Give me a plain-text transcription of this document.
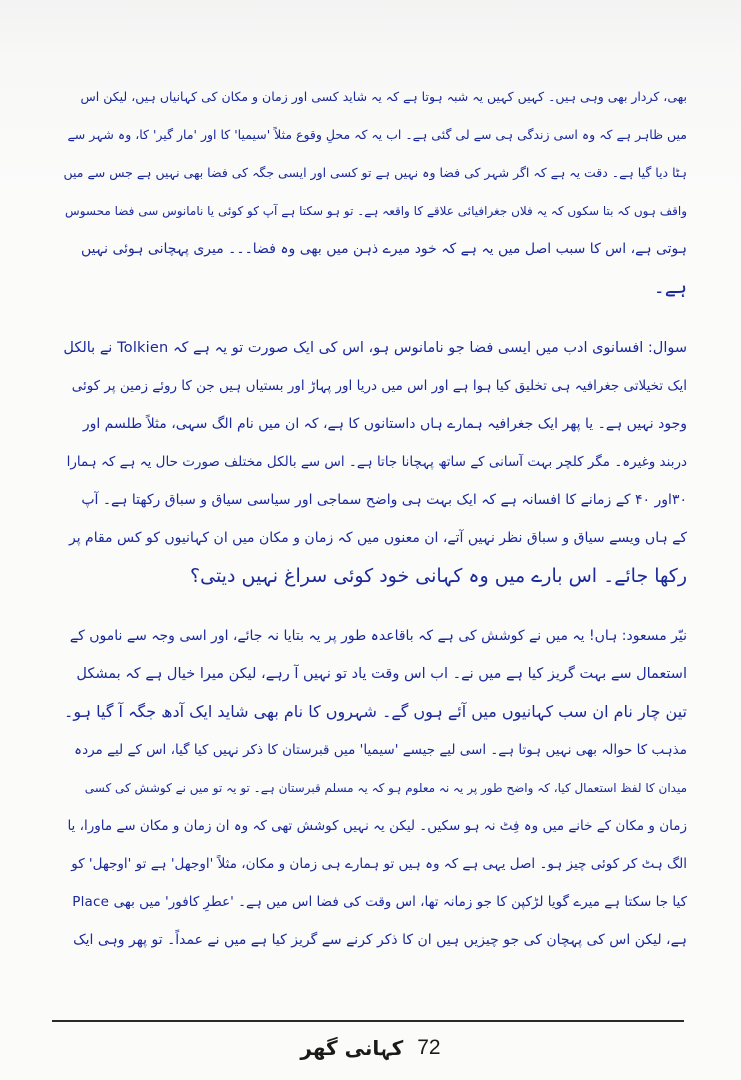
بھی، کردار بھی وہی ہیں۔ کہیں کہیں یہ شبہ ہوتا ہے کہ یہ شاید کسی اور زمان و مکان کی کہانیاں ہیں، لیکن اس
میں ظاہر ہے کہ وہ اسی زندگی ہی سے لی گئی ہے۔ اب یہ کہ محلِ وقوع مثلاً 'سیمیا' کا اور 'مار گیر' کا، وہ شہر سے
ہٹا دیا گیا ہے۔ دقت یہ ہے کہ اگر شہر کی فضا وہ نہیں ہے تو کسی اور ایسی جگہ کی فضا بھی نہیں ہے جس سے میں
واقف ہوں کہ بتا سکوں کہ یہ فلاں جغرافیائی علاقے کا واقعہ ہے۔ تو ہو سکتا ہے آپ کو کوئی یا نامانوس سی فضا محسوس
ہوتی ہے، اس کا سبب اصل میں یہ ہے کہ خود میرے ذہن میں بھی وہ فضا۔۔۔ میری پہچانی ہوئی نہیں
ہے۔
سوال: افسانوی ادب میں ایسی فضا جو نامانوس ہو، اس کی ایک صورت تو یہ ہے کہ Tolkien نے بالکل
ایک تخیلاتی جغرافیہ ہی تخلیق کیا ہوا ہے اور اس میں دریا اور پہاڑ اور بستیاں ہیں جن کا روئے زمین پر کوئی
وجود نہیں ہے۔ یا پھر ایک جغرافیہ ہمارے ہاں داستانوں کا ہے، کہ ان میں نام الگ سہی، مثلاً طلسم اور
دربند وغیرہ۔ مگر کلچر بہت آسانی کے ساتھ پہچانا جاتا ہے۔ اس سے بالکل مختلف صورت حال یہ ہے کہ ہمارا
۳۰اور ۴۰ کے زمانے کا افسانہ ہے کہ ایک بہت ہی واضح سماجی اور سیاسی سیاق و سباق رکھتا ہے۔ آپ
کے ہاں ویسے سیاق و سباق نظر نہیں آتے، ان معنوں میں کہ زمان و مکان میں ان کہانیوں کو کس مقام پر
رکھا جائے۔ اس بارے میں وہ کہانی خود کوئی سراغ نہیں دیتی؟
نیّر مسعود: ہاں! یہ میں نے کوشش کی ہے کہ باقاعدہ طور پر یہ بتایا نہ جائے، اور اسی وجہ سے ناموں کے
استعمال سے بہت گریز کیا ہے میں نے۔ اب اس وقت یاد تو نہیں آ رہے، لیکن میرا خیال ہے کہ بمشکل
تین چار نام ان سب کہانیوں میں آئے ہوں گے۔ شہروں کا نام بھی شاید ایک آدھ جگہ آ گیا ہو۔
مذہب کا حوالہ بھی نہیں ہوتا ہے۔ اسی لیے جیسے 'سیمیا' میں قبرستان کا ذکر نہیں کیا گیا، اس کے لیے مردہ
میدان کا لفظ استعمال کیا، کہ واضح طور پر یہ نہ معلوم ہو کہ یہ مسلم قبرستان ہے۔ تو یہ تو میں نے کوشش کی کسی
زمان و مکان کے خانے میں وہ فِٹ نہ ہو سکیں۔ لیکن یہ نہیں کوشش تھی کہ وہ ان زمان و مکان سے ماورا، یا
الگ ہٹ کر کوئی چیز ہو۔ اصل یہی ہے کہ وہ ہیں تو ہمارے ہی زمان و مکان، مثلاً 'اوجھل' ہے تو 'اوجھل' کو
Place کیا جا سکتا ہے میرے گویا لڑکپن کا جو زمانہ تھا، اس وقت کی فضا اس میں ہے۔ 'عطرِ کافور' میں بھی
ہے، لیکن اس کی پہچان کی جو چیزیں ہیں ان کا ذکر کرنے سے گریز کیا ہے میں نے عمداً۔ تو پھر وہی ایک
کہانی گھر 72
